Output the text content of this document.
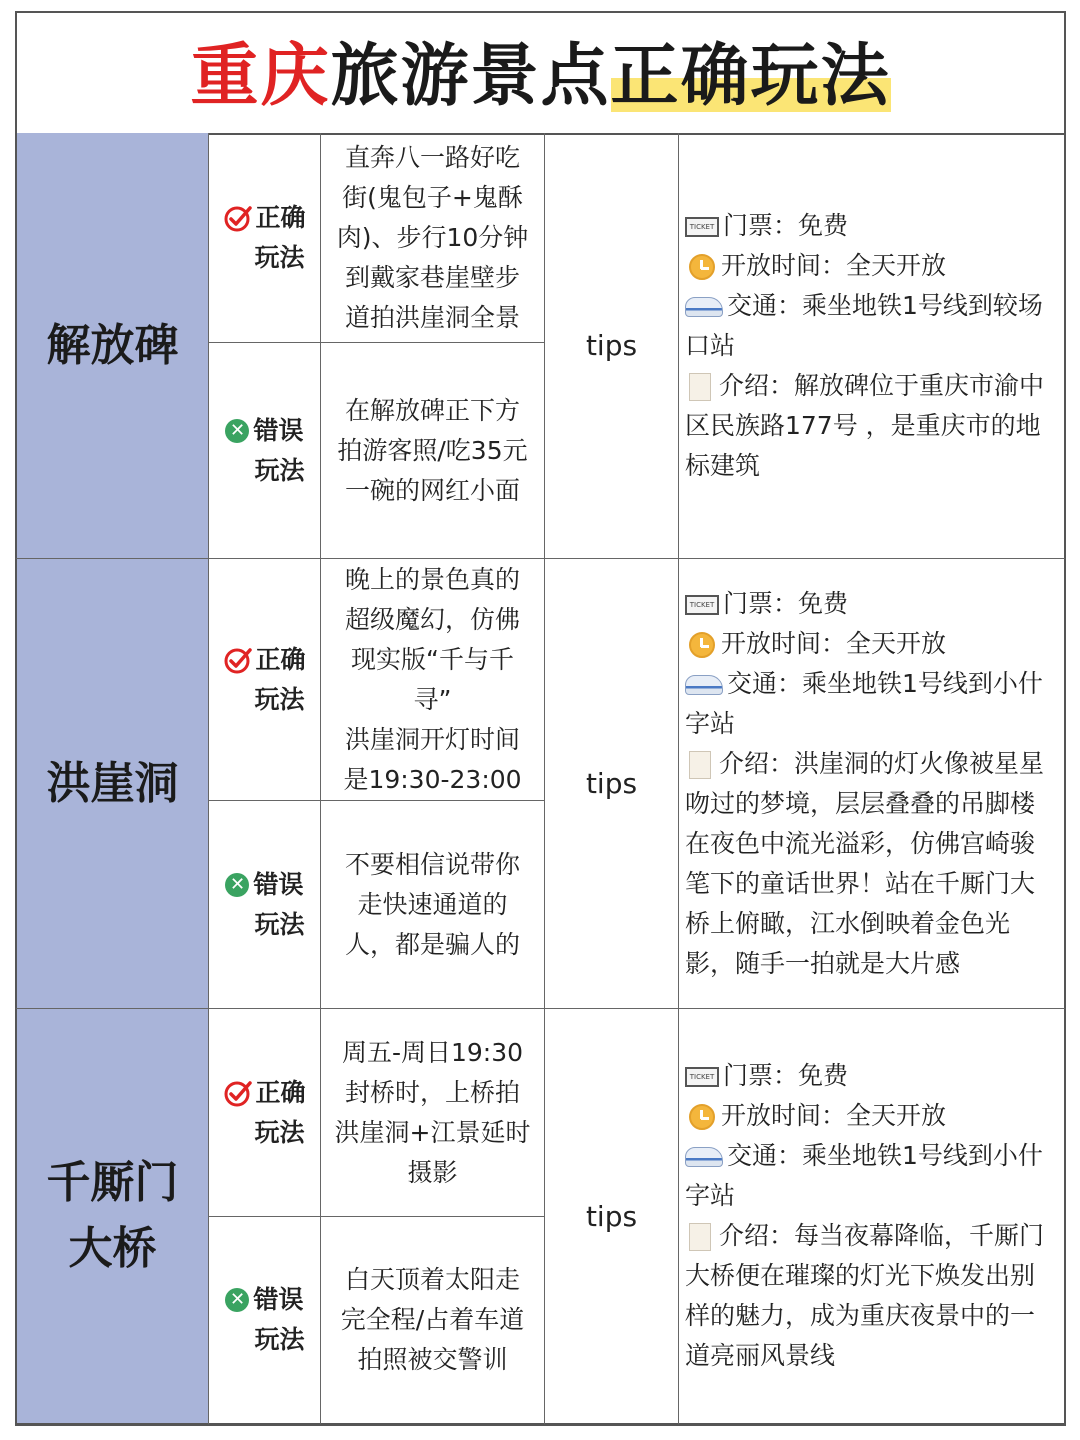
重庆旅游景点正确玩法
解放碑
正确
玩法
✕ 错误
玩法
直奔八一路好吃
街(鬼包子+鬼酥
肉)、步行10分钟
到戴家巷崖壁步
道拍洪崖洞全景
在解放碑正下方
拍游客照/吃35元
一碗的网红小面
tips
TICKET 门票：免费
开放时间：全天开放
交通：乘坐地铁1号线到较场口站
介绍：解放碑位于重庆市渝中区民族路177号 ，是重庆市的地标建筑
洪崖洞
正确
玩法
✕ 错误
玩法
晚上的景色真的
超级魔幻，仿佛
现实版“千与千
寻”
洪崖洞开灯时间
是19:30-23:00
不要相信说带你
走快速通道的
人，都是骗人的
tips
TICKET 门票：免费
开放时间：全天开放
交通：乘坐地铁1号线到小什字站
介绍：洪崖洞的灯火像被星星吻过的梦境，层层叠叠的吊脚楼在夜色中流光溢彩，仿佛宫崎骏笔下的童话世界！站在千厮门大桥上俯瞰，江水倒映着金色光影，随手一拍就是大片感
千厮门
大桥
正确
玩法
✕ 错误
玩法
周五-周日19:30
封桥时，上桥拍
洪崖洞+江景延时
摄影
白天顶着太阳走
完全程/占着车道
拍照被交警训
tips
TICKET 门票：免费
开放时间：全天开放
交通：乘坐地铁1号线到小什字站
介绍：每当夜幕降临，千厮门大桥便在璀璨的灯光下焕发出别样的魅力，成为重庆夜景中的一道亮丽风景线
